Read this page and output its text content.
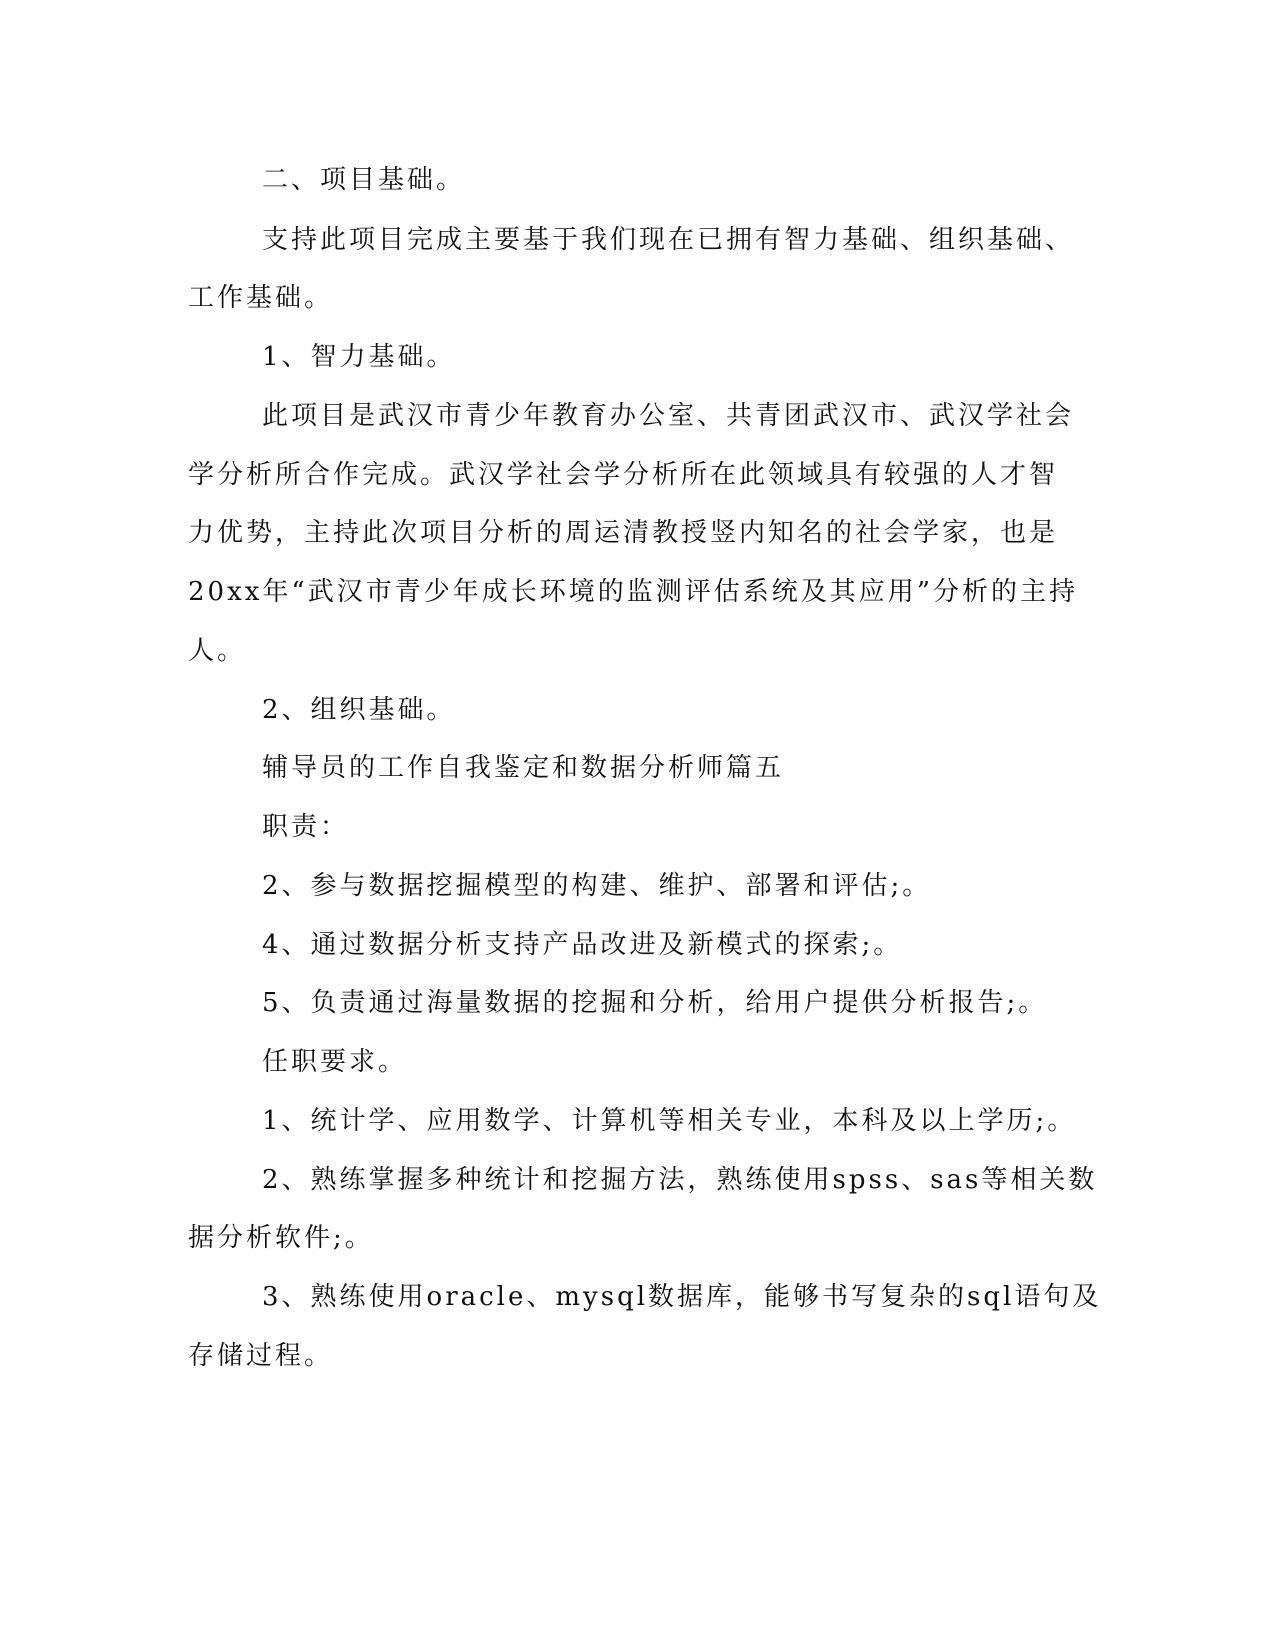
二、项目基础。
支持此项目完成主要基于我们现在已拥有智力基础、组织基础、
工作基础。
1、智力基础。
此项目是武汉市青少年教育办公室、共青团武汉市、武汉学社会
学分析所合作完成。武汉学社会学分析所在此领域具有较强的人才智
力优势，主持此次项目分析的周运清教授竖内知名的社会学家，也是
20xx年“武汉市青少年成长环境的监测评估系统及其应用”分析的主持
人。
2、组织基础。
辅导员的工作自我鉴定和数据分析师篇五
职责：
2、参与数据挖掘模型的构建、维护、部署和评估;。
4、通过数据分析支持产品改进及新模式的探索;。
5、负责通过海量数据的挖掘和分析，给用户提供分析报告;。
任职要求。
1、统计学、应用数学、计算机等相关专业，本科及以上学历;。
2、熟练掌握多种统计和挖掘方法，熟练使用spss、sas等相关数
据分析软件;。
3、熟练使用oracle、mysql数据库，能够书写复杂的sql语句及
存储过程。
